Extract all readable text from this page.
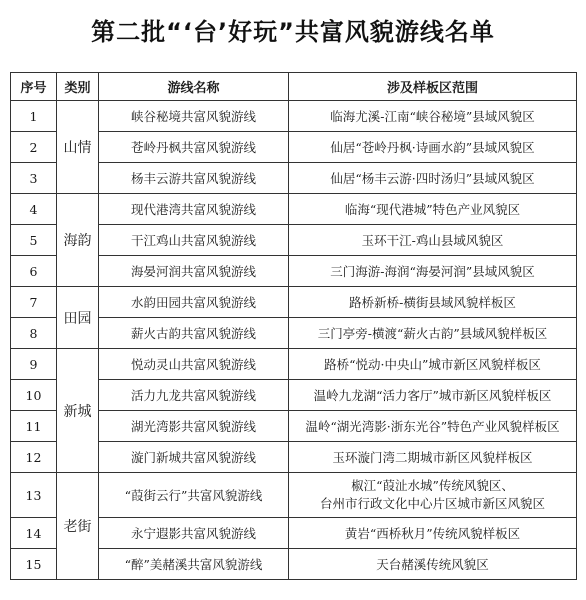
第二批“‘台’好玩”共富风貌游线名单
序号	类别	游线名称	涉及样板区范围
1	山情	峡谷秘境共富风貌游线	临海尤溪-江南“峡谷秘境”县域风貌区
2		苍岭丹枫共富风貌游线	仙居“苍岭丹枫·诗画水韵”县域风貌区
3		杨丰云游共富风貌游线	仙居“杨丰云游·四时汤归”县域风貌区
4	海韵	现代港湾共富风貌游线	临海“现代港城”特色产业风貌区
5		干江鸡山共富风貌游线	玉环干江-鸡山县域风貌区
6		海晏河润共富风貌游线	三门海游-海润“海晏河润”县域风貌区
7	田园	水韵田园共富风貌游线	路桥新桥-横街县域风貌样板区
8		薪火古韵共富风貌游线	三门亭旁-横渡“薪火古韵”县域风貌样板区
9	新城	悦动灵山共富风貌游线	路桥“悦动·中央山”城市新区风貌样板区
10		活力九龙共富风貌游线	温岭九龙湖“活力客厅”城市新区风貌样板区
11		湖光湾影共富风貌游线	温岭“湖光湾影·浙东光谷”特色产业风貌样板区
12		漩门新城共富风貌游线	玉环漩门湾二期城市新区风貌样板区
13	老街	“葭街云行”共富风貌游线	椒江“葭沚水城”传统风貌区、
台州市行政文化中心片区城市新区风貌区

14		永宁遐影共富风貌游线	黄岩“西桥秋月”传统风貌样板区
15		“醉”美赭溪共富风貌游线	天台赭溪传统风貌区
